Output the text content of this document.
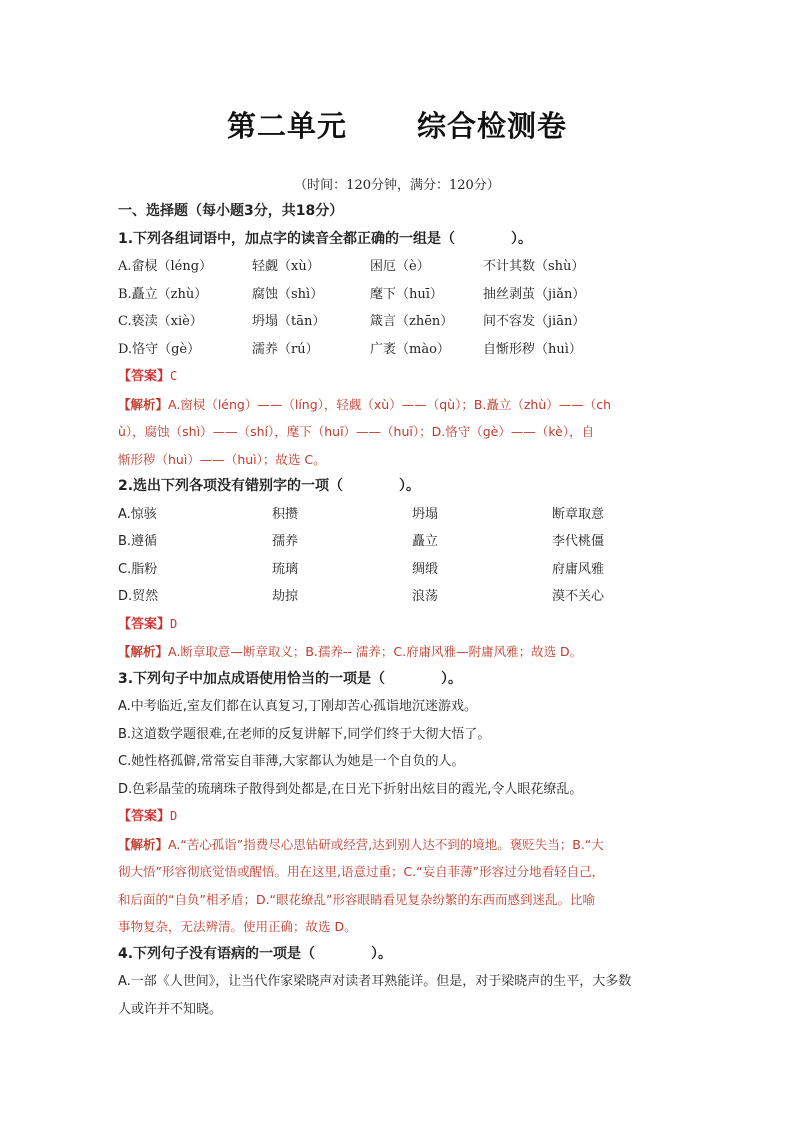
第二单元 综合检测卷
（时间：120分钟，满分：120分）
一、选择题（每小题3分，共18分）
1.下列各组词语中，加点字的读音全都正确的一组是（　　　　）。
A.畲棂（léng）	轻觑（xù）	困厄（è）	不计其数（shù）
B.矗立（zhù）	腐蚀（shì）	麾下（huī）	抽丝剥茧（jiǎn）
C.亵渎（xiè）	坍塌（tān）	箴言（zhēn）	间不容发（jiān）
D.恪守（gè）	濡养（rú）	广袤（mào）	自惭形秽（huì）
【答案】C
【解析】A.窗棂（léng）——（líng），轻觑（xù）——（qù）；B.矗立（zhù）——（ch
ù），腐蚀（shì）——（shí），麾下（huī）——（huī）；D.恪守（gè）——（kè），自
惭形秽（huì）——（huì）；故选 C。
2.选出下列各项没有错别字的一项（　　　　）。
A.惊骇	积攒	坍塌	断章取意
B.遵循	孺养	矗立	李代桃僵
C.脂粉	琉璃	绸缎	府庸风雅
D.贸然	劫掠	浪荡	漠不关心
【答案】D
【解析】A.断章取意—断章取义；B.孺养-- 濡养；C.府庸风雅—附庸风雅；故选 D。
3.下列句子中加点成语使用恰当的一项是（　　　　）。
A.中考临近,室友们都在认真复习,丁刚却苦心孤诣地沉迷游戏。
B.这道数学题很难,在老师的反复讲解下,同学们终于大彻大悟了。
C.她性格孤僻,常常妄自菲薄,大家都认为她是一个自负的人。
D.色彩晶莹的琉璃珠子散得到处都是,在日光下折射出炫目的霞光,令人眼花缭乱。
【答案】D
【解析】A.“苦心孤诣”指费尽心思钻研或经营,达到别人达不到的境地。褒贬失当；B.“大
彻大悟”形容彻底觉悟或醒悟。用在这里,语意过重；C.“妄自菲薄”形容过分地看轻自己，
和后面的“自负”相矛盾；D.“眼花缭乱”形容眼睛看见复杂纷繁的东西而感到迷乱。比喻
事物复杂，无法辨清。使用正确；故选 D。
4.下列句子没有语病的一项是（　　　　）。
A.一部《人世间》，让当代作家梁晓声对读者耳熟能详。但是，对于梁晓声的生平，大多数
人或许并不知晓。
